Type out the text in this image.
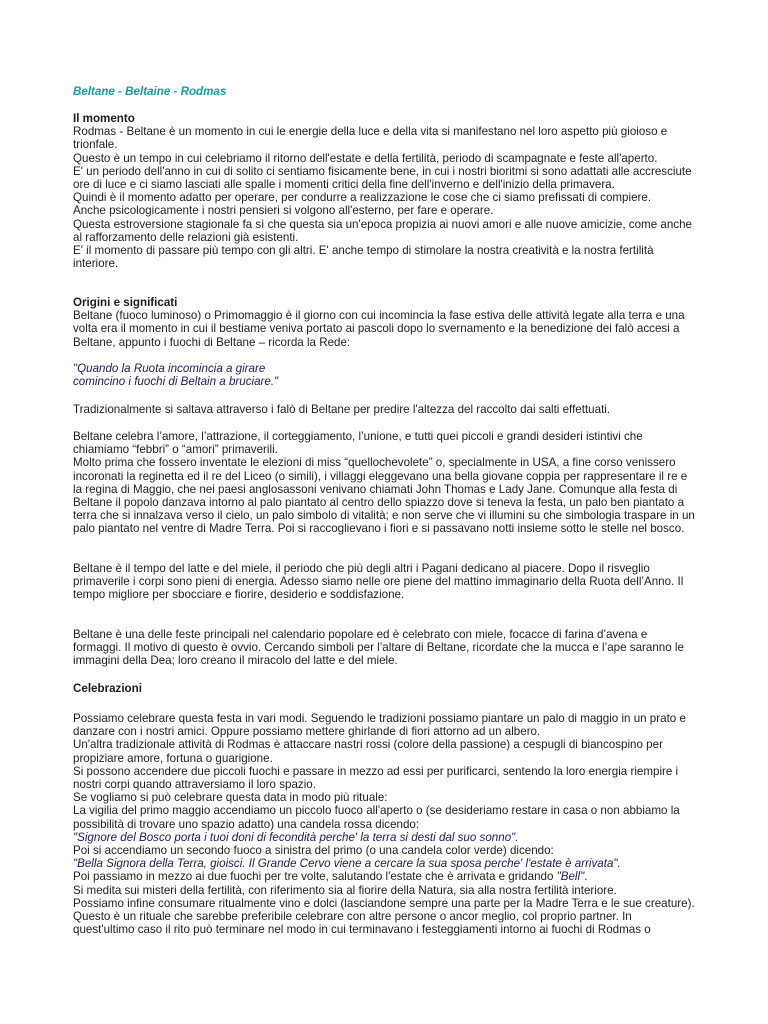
Beltane - Beltaine - Rodmas

Il momento

Rodmas - Beltane è un momento in cui le energie della luce e della vita si manifestano nel loro aspetto più gioioso e trionfale.

Questo è un tempo in cui celebriamo il ritorno dell'estate e della fertilità, periodo di scampagnate e feste all'aperto.

E' un periodo dell'anno in cui di solito ci sentiamo fisicamente bene, in cui i nostri bioritmi si sono adattati alle accresciute ore di luce e ci siamo lasciati alle spalle i momenti critici della fine dell'inverno e dell'inizio della primavera.

Quindi è il momento adatto per operare, per condurre a realizzazione le cose che ci siamo prefissati di compiere.

Anche psicologicamente i nostri pensieri si volgono all'esterno, per fare e operare.

Questa estroversione stagionale fa sì che questa sia un'epoca propizia ai nuovi amori e alle nuove amicizie, come anche al rafforzamento delle relazioni già esistenti.

E' il momento di passare più tempo con gli altri. E' anche tempo di stimolare la nostra creatività e la nostra fertilità interiore.

Origini e significati

Beltane (fuoco luminoso) o Primomaggio è il giorno con cui incomincia la fase estiva delle attività legate alla terra e una volta era il momento in cui il bestiame veniva portato ai pascoli dopo lo svernamento e la benedizione dei falò accesi a Beltane, appunto i fuochi di Beltane – ricorda la Rede:

"Quando la Ruota incomincia a girare

comincino i fuochi di Beltain a bruciare."

Tradizionalmente si saltava attraverso i falò di Beltane per predire l'altezza del raccolto dai salti effettuati.

Beltane celebra l’amore, l’attrazione, il corteggiamento, l’unione, e tutti quei piccoli e grandi desideri istintivi che chiamiamo “febbri” o “amori” primaverili.

Molto prima che fossero inventate le elezioni di miss “quellochevolete” o, specialmente in USA, a fine corso venissero incoronati la reginetta ed il re del Liceo (o simili), i villaggi eleggevano una bella giovane coppia per rappresentare il re e la regina di Maggio, che nei paesi anglosassoni venivano chiamati John Thomas e Lady Jane. Comunque alla festa di Beltane il popolo danzava intorno al palo piantato al centro dello spiazzo dove si teneva la festa, un palo ben piantato a terra che si innalzava verso il cielo, un palo simbolo di vitalità; e non serve che vi illumini su che simbologia traspare in un palo piantato nel ventre di Madre Terra. Poi si raccoglievano i fiori e si passavano notti insieme sotto le stelle nel bosco.

Beltane è il tempo del latte e del miele, il periodo che più degli altri i Pagani dedicano al piacere. Dopo il risveglio primaverile i corpi sono pieni di energia. Adesso siamo nelle ore piene del mattino immaginario della Ruota dell’Anno. Il tempo migliore per sbocciare e fiorire, desiderio e soddisfazione.
Beltane è una delle feste principali nel calendario popolare ed è celebrato con miele, focacce di farina d’avena e formaggi. Il motivo di questo è ovvio. Cercando simboli per l’altare di Beltane, ricordate che la mucca e l’ape saranno le immagini della Dea; loro creano il miracolo del latte e del miele.
Celebrazioni

Possiamo celebrare questa festa in vari modi. Seguendo le tradizioni possiamo piantare un palo di maggio in un prato e danzare con i nostri amici. Oppure possiamo mettere ghirlande di fiori attorno ad un albero.

Un'altra tradizionale attività di Rodmas è attaccare nastri rossi (colore della passione) a cespugli di biancospino per propiziare amore, fortuna o guarigione.

Si possono accendere due piccoli fuochi e passare in mezzo ad essi per purificarci, sentendo la loro energia riempire i nostri corpi quando attraversiamo il loro spazio.

Se vogliamo si può celebrare questa data in modo più rituale:

La vigilia del primo maggio accendiamo un piccolo fuoco all'aperto o (se desideriamo restare in casa o non abbiamo la possibilità di trovare uno spazio adatto) una candela rossa dicendo:

"Signore del Bosco porta i tuoi doni di fecondità perche' la terra si desti dal suo sonno".

Poi si accendiamo un secondo fuoco a sinistra del primo (o una candela color verde) dicendo:

"Bella Signora della Terra, gioisci. Il Grande Cervo viene a cercare la sua sposa perche' l'estate è arrivata".

Poi passiamo in mezzo ai due fuochi per tre volte, salutando l'estate che è arrivata e gridando "Bell".

Si medita sui misteri della fertilità, con riferimento sia al fiorire della Natura, sia alla nostra fertilità interiore.

Possiamo infine consumare ritualmente vino e dolci (lasciandone sempre una parte per la Madre Terra e le sue creature).

Questo è un rituale che sarebbe preferibile celebrare con altre persone o ancor meglio, col proprio partner. In quest'ultimo caso il rito può terminare nel modo in cui terminavano i festeggiamenti intorno ai fuochi di Rodmas o
